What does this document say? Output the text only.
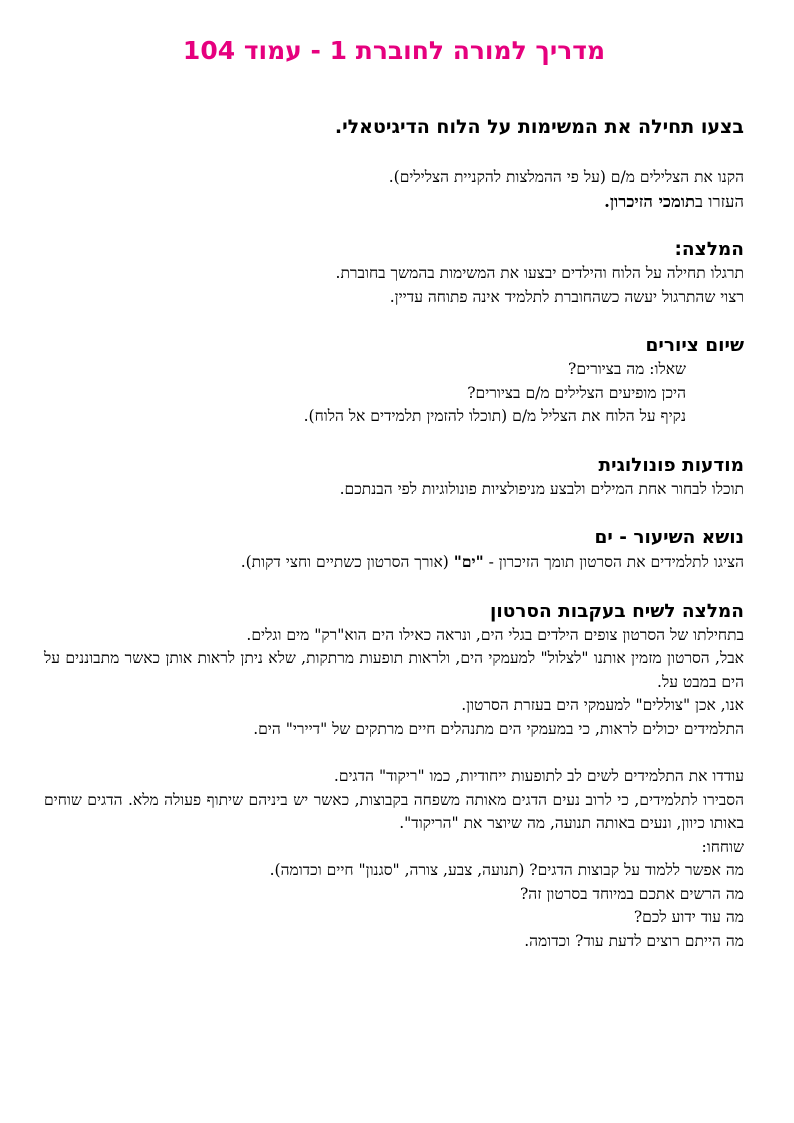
מדריך למורה לחוברת 1 - עמוד 104
בצעו תחילה את המשימות על הלוח הדיגיטאלי.
הקנו את הצלילים מ/ם (על פי ההמלצות להקניית הצלילים).
העזרו בתומכי הזיכרון.
המלצה:
תרגלו תחילה על הלוח והילדים יבצעו את המשימות בהמשך בחוברת.
רצוי שהתרגול יעשה כשהחוברת לתלמיד אינה פתוחה עדיין.
שיום ציורים
שאלו: מה בציורים?
היכן מופיעים הצלילים מ/ם בציורים?
נקיף על הלוח את הצליל מ/ם (תוכלו להזמין תלמידים אל הלוח).
מודעות פונולוגית
תוכלו לבחור אחת המילים ולבצע מניפולציות פונולוגיות לפי הבנתכם.
נושא השיעור - ים
הציגו לתלמידים את הסרטון תומך הזיכרון - "ים" (אורך הסרטון כשתיים וחצי דקות).
המלצה לשיח בעקבות הסרטון
בתחילתו של הסרטון צופים הילדים בגלי הים, ונראה כאילו הים הוא"רק" מים וגלים.
אבל, הסרטון מזמין אותנו "לצלול" למעמקי הים, ולראות תופעות מרתקות, שלא ניתן לראות אותן כאשר מתבוננים על הים במבט על.
אנו, אכן "צוללים" למעמקי הים בעזרת הסרטון.
התלמידים יכולים לראות, כי במעמקי הים מתנהלים חיים מרתקים של "דיירי" הים.
עודדו את התלמידים לשים לב לתופעות ייחודיות, כמו "ריקוד" הדגים.
הסבירו לתלמידים, כי לרוב נעים הדגים מאותה משפחה בקבוצות, כאשר יש ביניהם שיתוף פעולה מלא. הדגים שוחים באותו כיוון, ונעים באותה תנועה, מה שיוצר את "הריקוד".
שוחחו:
מה אפשר ללמוד על קבוצות הדגים? (תנועה, צבע, צורה, "סגנון" חיים וכדומה).
מה הרשים אתכם במיוחד בסרטון זה?
מה עוד ידוע לכם?
מה הייתם רוצים לדעת עוד? וכדומה.
